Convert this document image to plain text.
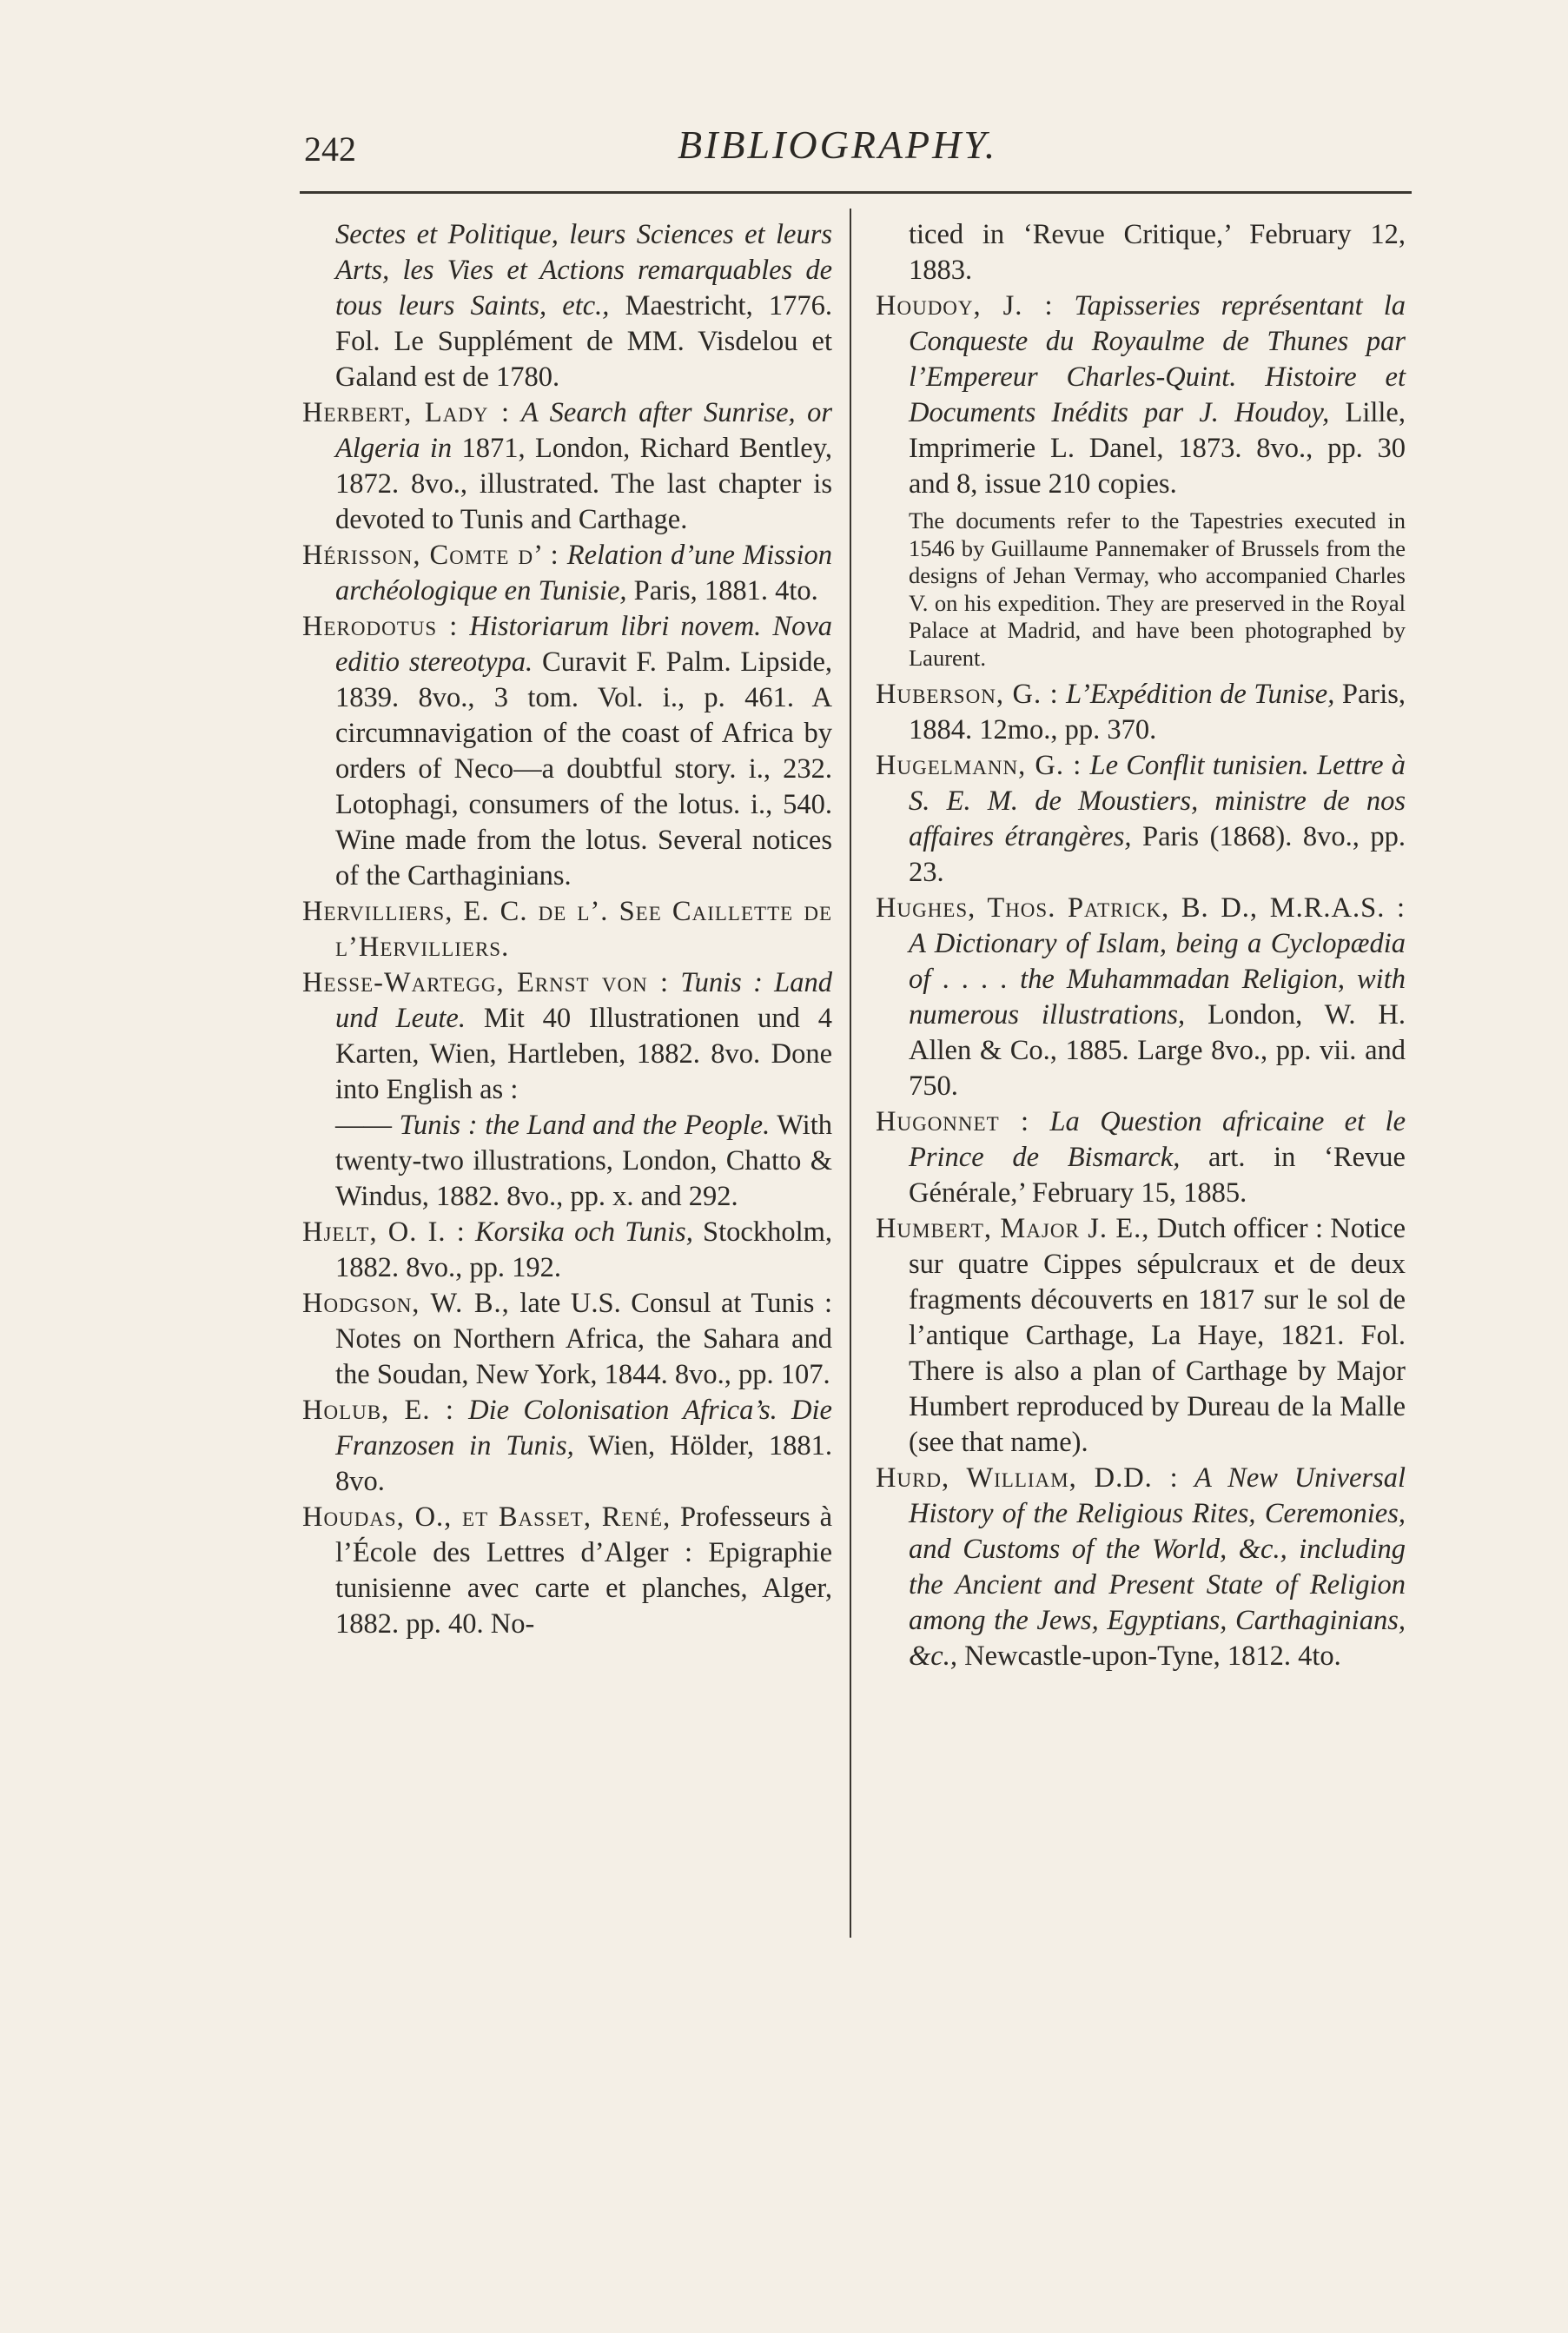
242	BIBLIOGRAPHY.

Sectes et Politique, leurs Sciences et leurs Arts, les Vies et Actions remarquables de tous leurs Saints, etc., Maestricht, 1776. Fol. Le Supplément de MM. Visdelou et Galand est de 1780.

Herbert, Lady : A Search after Sunrise, or Algeria in 1871, London, Richard Bentley, 1872. 8vo., illustrated. The last chapter is devoted to Tunis and Carthage.

Hérisson, Comte d’ : Relation d’une Mission archéologique en Tunisie, Paris, 1881. 4to.

Herodotus : Historiarum libri novem. Nova editio stereotypa. Curavit F. Palm. Lipside, 1839. 8vo., 3 tom. Vol. i., p. 461. A circumnavigation of the coast of Africa by orders of Neco—a doubtful story. i., 232. Lotophagi, consumers of the lotus. i., 540. Wine made from the lotus. Several notices of the Carthaginians.

Hervilliers, E. C. de l’. See Caillette de l’Hervilliers.

Hesse-Wartegg, Ernst von : Tunis : Land und Leute. Mit 40 Illustrationen und 4 Karten, Wien, Hartleben, 1882. 8vo. Done into English as :

—— Tunis : the Land and the People. With twenty-two illustrations, London, Chatto & Windus, 1882. 8vo., pp. x. and 292.

Hjelt, O. I. : Korsika och Tunis, Stockholm, 1882. 8vo., pp. 192.

Hodgson, W. B., late U.S. Consul at Tunis : Notes on Northern Africa, the Sahara and the Soudan, New York, 1844. 8vo., pp. 107.

Holub, E. : Die Colonisation Africa’s. Die Franzosen in Tunis, Wien, Hölder, 1881. 8vo.

Houdas, O., et Basset, René, Professeurs à l’École des Lettres d’Alger : Epigraphie tunisienne avec carte et planches, Alger, 1882. pp. 40. No-

ticed in ‘Revue Critique,’ February 12, 1883.

Houdoy, J. : Tapisseries représentant la Conqueste du Royaulme de Thunes par l’Empereur Charles-Quint. Histoire et Documents Inédits par J. Houdoy, Lille, Imprimerie L. Danel, 1873. 8vo., pp. 30 and 8, issue 210 copies.

The documents refer to the Tapestries executed in 1546 by Guillaume Pannemaker of Brussels from the designs of Jehan Vermay, who accompanied Charles V. on his expedition. They are preserved in the Royal Palace at Madrid, and have been photographed by Laurent.

Huberson, G. : L’Expédition de Tunise, Paris, 1884. 12mo., pp. 370.

Hugelmann, G. : Le Conflit tunisien. Lettre à S. E. M. de Moustiers, ministre de nos affaires étrangères, Paris (1868). 8vo., pp. 23.

Hughes, Thos. Patrick, B. D., M.R.A.S. : A Dictionary of Islam, being a Cyclopædia of . . . . the Muhammadan Religion, with numerous illustrations, London, W. H. Allen & Co., 1885. Large 8vo., pp. vii. and 750.

Hugonnet : La Question africaine et le Prince de Bismarck, art. in ‘Revue Générale,’ February 15, 1885.

Humbert, Major J. E., Dutch officer : Notice sur quatre Cippes sépulcraux et de deux fragments découverts en 1817 sur le sol de l’antique Carthage, La Haye, 1821. Fol. There is also a plan of Carthage by Major Humbert reproduced by Dureau de la Malle (see that name).

Hurd, William, D.D. : A New Universal History of the Religious Rites, Ceremonies, and Customs of the World, &c., including the Ancient and Present State of Religion among the Jews, Egyptians, Carthaginians, &c., Newcastle-upon-Tyne, 1812. 4to.
